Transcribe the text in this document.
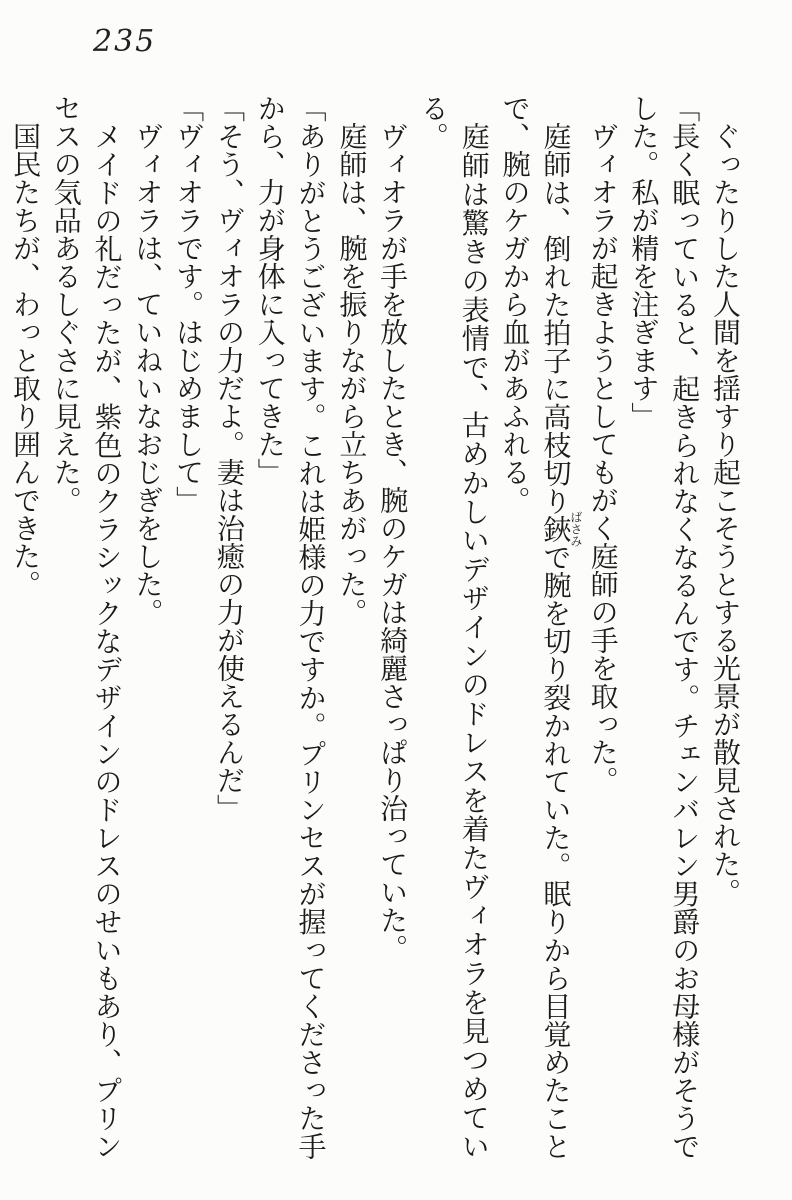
235

ぐったりした人間を揺すり起こそうとする光景が散見された。

「長く眠っていると、起きられなくなるんです。チェンバレン男爵のお母様がそうでした。私が精を注ぎます」

ヴィオラが起きようとしてもがく庭師の手を取った。

庭師は、倒れた拍子に高枝切り鋏ばさみで腕を切り裂かれていた。眠りから目覚めたことで、腕のケガから血があふれる。

庭師は驚きの表情で、古めかしいデザインのドレスを着たヴィオラを見つめている。

ヴィオラが手を放したとき、腕のケガは綺麗さっぱり治っていた。

庭師は、腕を振りながら立ちあがった。

「ありがとうございます。これは姫様の力ですか。プリンセスが握ってくださった手から、力が身体に入ってきた」

「そう、ヴィオラの力だよ。妻は治癒の力が使えるんだ」

「ヴィオラです。はじめまして」

ヴィオラは、ていねいなおじぎをした。

メイドの礼だったが、紫色のクラシックなデザインのドレスのせいもあり、プリンセスの気品あるしぐさに見えた。

国民たちが、わっと取り囲んできた。
